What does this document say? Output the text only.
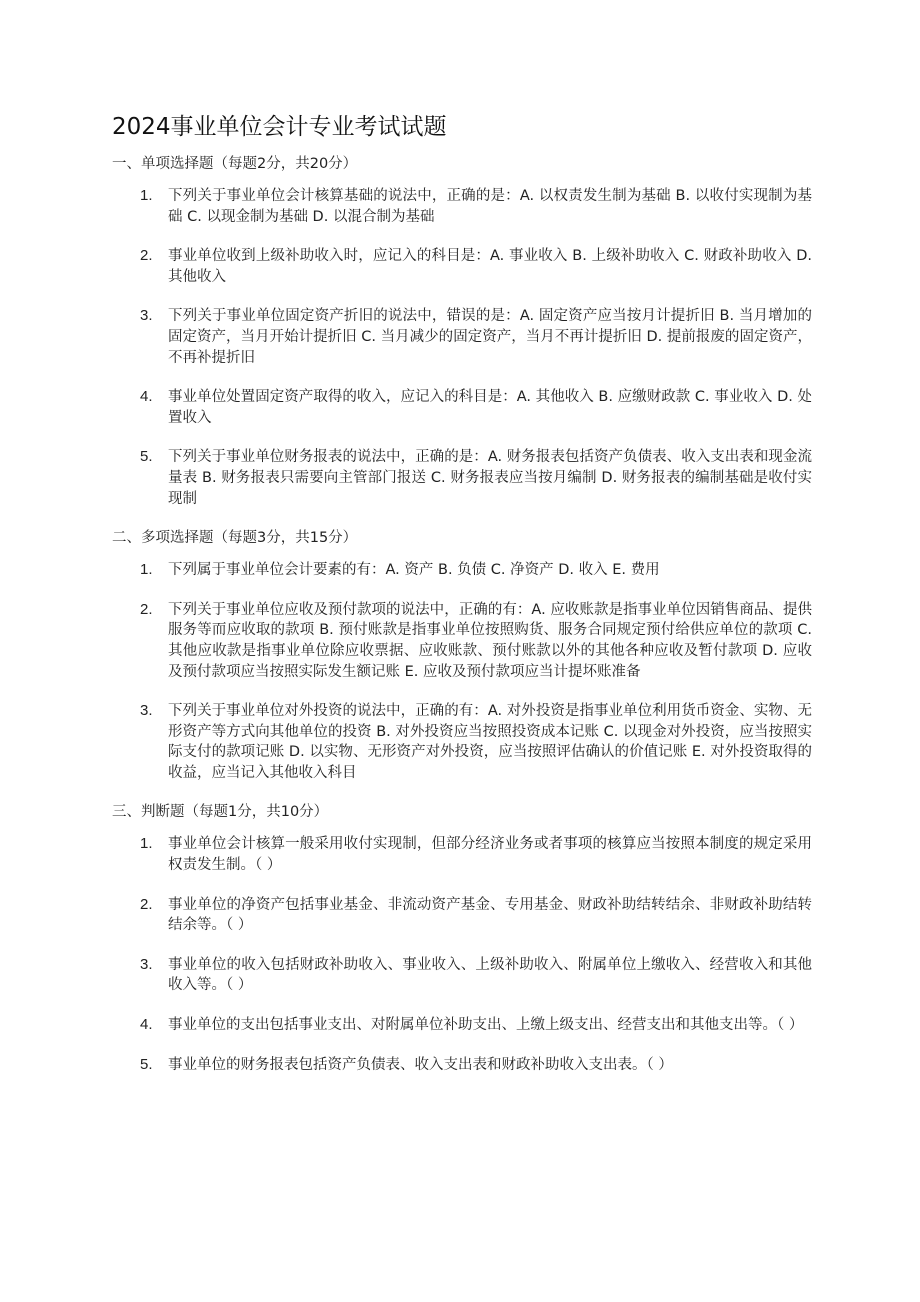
2024事业单位会计专业考试试题
一、单项选择题（每题2分，共20分）
1.	下列关于事业单位会计核算基础的说法中，正确的是：A. 以权责发生制为基础 B. 以收付实现制为基础 C. 以现金制为基础 D. 以混合制为基础
2.	事业单位收到上级补助收入时，应记入的科目是：A. 事业收入 B. 上级补助收入 C. 财政补助收入 D. 其他收入
3.	下列关于事业单位固定资产折旧的说法中，错误的是：A. 固定资产应当按月计提折旧 B. 当月增加的固定资产，当月开始计提折旧 C. 当月减少的固定资产，当月不再计提折旧 D. 提前报废的固定资产，不再补提折旧
4.	事业单位处置固定资产取得的收入，应记入的科目是：A. 其他收入 B. 应缴财政款 C. 事业收入 D. 处置收入
5.	下列关于事业单位财务报表的说法中，正确的是：A. 财务报表包括资产负债表、收入支出表和现金流量表 B. 财务报表只需要向主管部门报送 C. 财务报表应当按月编制 D. 财务报表的编制基础是收付实现制
二、多项选择题（每题3分，共15分）
1.	下列属于事业单位会计要素的有：A. 资产 B. 负债 C. 净资产 D. 收入 E. 费用
2.	下列关于事业单位应收及预付款项的说法中，正确的有：A. 应收账款是指事业单位因销售商品、提供服务等而应收取的款项 B. 预付账款是指事业单位按照购货、服务合同规定预付给供应单位的款项 C. 其他应收款是指事业单位除应收票据、应收账款、预付账款以外的其他各种应收及暂付款项 D. 应收及预付款项应当按照实际发生额记账 E. 应收及预付款项应当计提坏账准备
3.	下列关于事业单位对外投资的说法中，正确的有：A. 对外投资是指事业单位利用货币资金、实物、无形资产等方式向其他单位的投资 B. 对外投资应当按照投资成本记账 C. 以现金对外投资，应当按照实际支付的款项记账 D. 以实物、无形资产对外投资，应当按照评估确认的价值记账 E. 对外投资取得的收益，应当记入其他收入科目
三、判断题（每题1分，共10分）
1.	事业单位会计核算一般采用收付实现制，但部分经济业务或者事项的核算应当按照本制度的规定采用权责发生制。（ ）
2.	事业单位的净资产包括事业基金、非流动资产基金、专用基金、财政补助结转结余、非财政补助结转结余等。（ ）
3.	事业单位的收入包括财政补助收入、事业收入、上级补助收入、附属单位上缴收入、经营收入和其他收入等。（ ）
4.	事业单位的支出包括事业支出、对附属单位补助支出、上缴上级支出、经营支出和其他支出等。（ ）
5.	事业单位的财务报表包括资产负债表、收入支出表和财政补助收入支出表。（ ）
